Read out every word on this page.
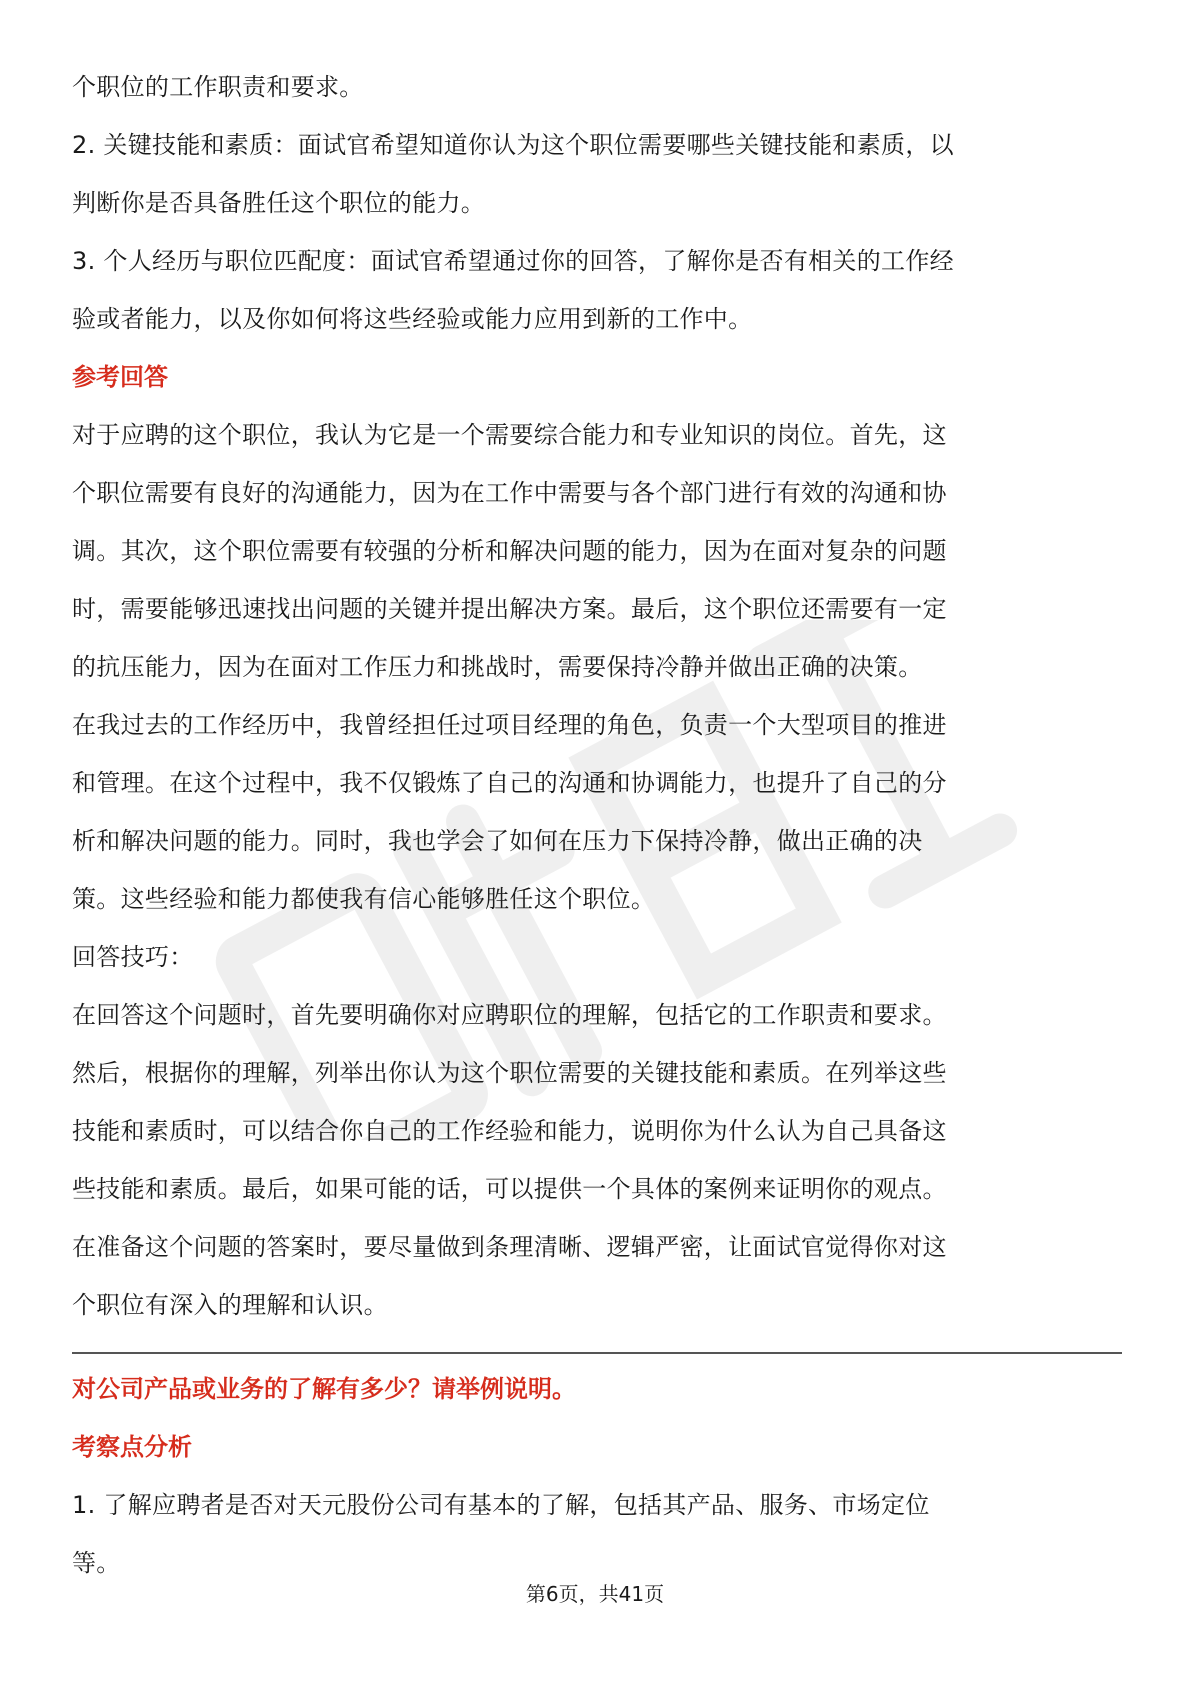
个职位的工作职责和要求。
2. 关键技能和素质：面试官希望知道你认为这个职位需要哪些关键技能和素质，以
判断你是否具备胜任这个职位的能力。
3. 个人经历与职位匹配度：面试官希望通过你的回答，了解你是否有相关的工作经
验或者能力，以及你如何将这些经验或能力应用到新的工作中。
参考回答
对于应聘的这个职位，我认为它是一个需要综合能力和专业知识的岗位。首先，这
个职位需要有良好的沟通能力，因为在工作中需要与各个部门进行有效的沟通和协
调。其次，这个职位需要有较强的分析和解决问题的能力，因为在面对复杂的问题
时，需要能够迅速找出问题的关键并提出解决方案。最后，这个职位还需要有一定
的抗压能力，因为在面对工作压力和挑战时，需要保持冷静并做出正确的决策。
在我过去的工作经历中，我曾经担任过项目经理的角色，负责一个大型项目的推进
和管理。在这个过程中，我不仅锻炼了自己的沟通和协调能力，也提升了自己的分
析和解决问题的能力。同时，我也学会了如何在压力下保持冷静，做出正确的决
策。这些经验和能力都使我有信心能够胜任这个职位。
回答技巧：
在回答这个问题时，首先要明确你对应聘职位的理解，包括它的工作职责和要求。
然后，根据你的理解，列举出你认为这个职位需要的关键技能和素质。在列举这些
技能和素质时，可以结合你自己的工作经验和能力，说明你为什么认为自己具备这
些技能和素质。最后，如果可能的话，可以提供一个具体的案例来证明你的观点。
在准备这个问题的答案时，要尽量做到条理清晰、逻辑严密，让面试官觉得你对这
个职位有深入的理解和认识。
对公司产品或业务的了解有多少？请举例说明。
考察点分析
1. 了解应聘者是否对天元股份公司有基本的了解，包括其产品、服务、市场定位
等。
第6页，共41页
